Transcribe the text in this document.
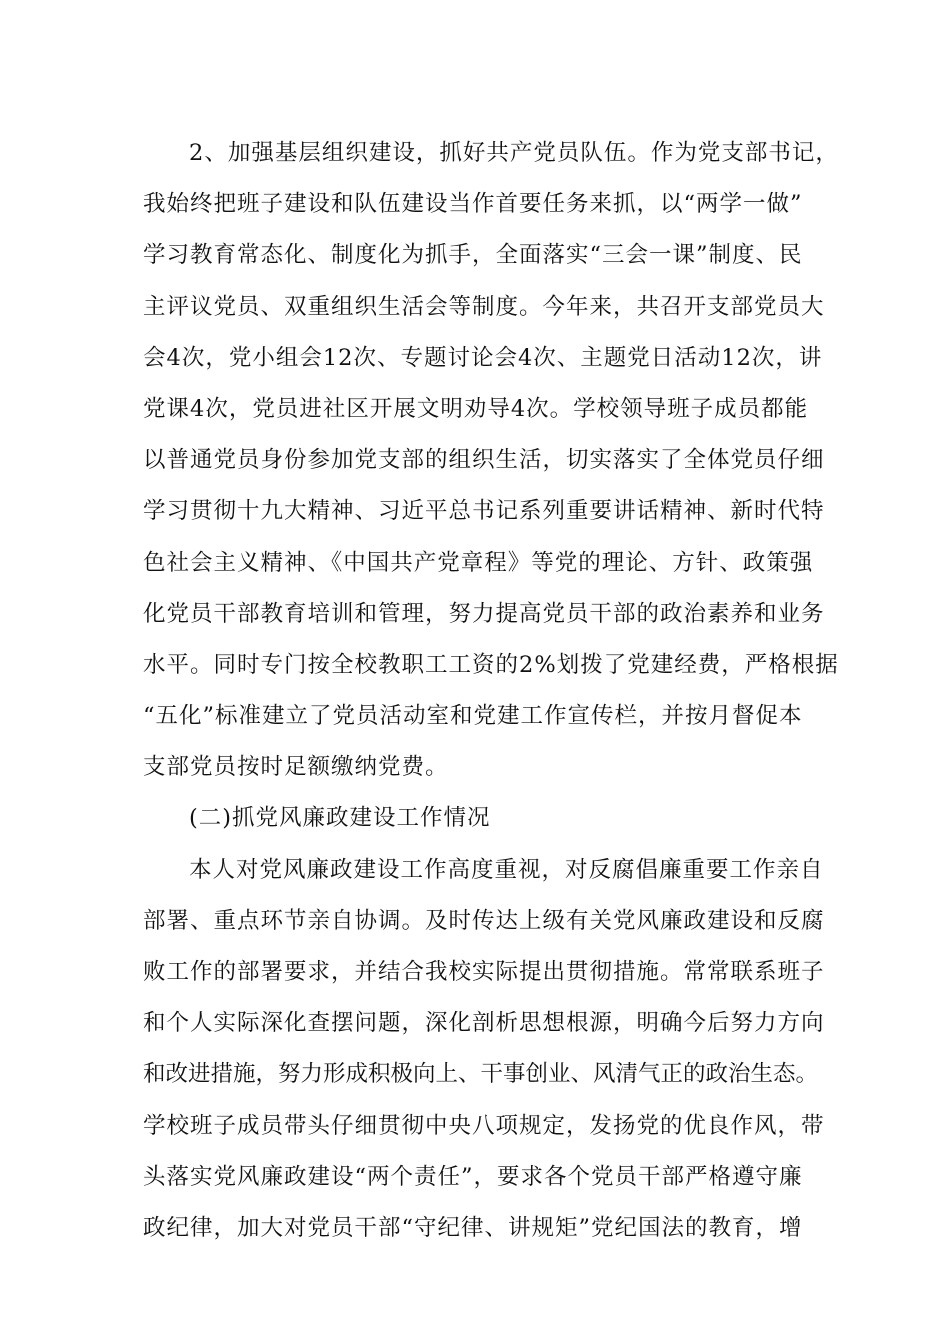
2、加强基层组织建设，抓好共产党员队伍。作为党支部书记，
我始终把班子建设和队伍建设当作首要任务来抓，以“两学一做”
学习教育常态化、制度化为抓手，全面落实“三会一课”制度、民
主评议党员、双重组织生活会等制度。今年来，共召开支部党员大
会4次，党小组会12次、专题讨论会4次、主题党日活动12次，讲
党课4次，党员进社区开展文明劝导4次。学校领导班子成员都能
以普通党员身份参加党支部的组织生活，切实落实了全体党员仔细
学习贯彻十九大精神、习近平总书记系列重要讲话精神、新时代特
色社会主义精神、《中国共产党章程》等党的理论、方针、政策强
化党员干部教育培训和管理，努力提高党员干部的政治素养和业务
水平。同时专门按全校教职工工资的2%划拨了党建经费，严格根据
“五化”标准建立了党员活动室和党建工作宣传栏，并按月督促本
支部党员按时足额缴纳党费。
(二)抓党风廉政建设工作情况
本人对党风廉政建设工作高度重视，对反腐倡廉重要工作亲自
部署、重点环节亲自协调。及时传达上级有关党风廉政建设和反腐
败工作的部署要求，并结合我校实际提出贯彻措施。常常联系班子
和个人实际深化查摆问题，深化剖析思想根源，明确今后努力方向
和改进措施，努力形成积极向上、干事创业、风清气正的政治生态。
学校班子成员带头仔细贯彻中央八项规定，发扬党的优良作风，带
头落实党风廉政建设“两个责任”，要求各个党员干部严格遵守廉
政纪律，加大对党员干部“守纪律、讲规矩”党纪国法的教育，增
